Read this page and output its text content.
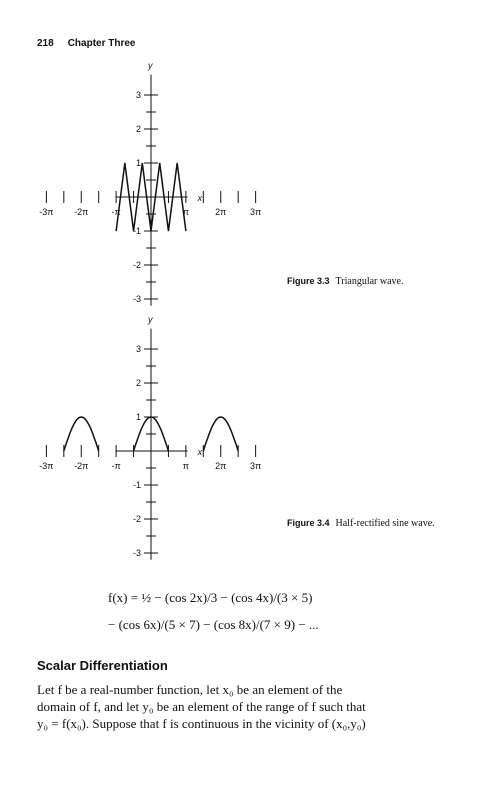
218 Chapter Three
x
y
-3π -2π	-π	π	2π	3π
3
2
1
-1
-2
-3
Figure 3.3 Triangular wave.
x
y
-3π -2π	-π	π	2π	3π
3
2
1
-1
-2
-3
Figure 3.4 Half-rectified sine wave.
f(x) = ½ − (cos 2x)/3 − (cos 4x)/(3 × 5)
− (cos 6x)/(5 × 7) − (cos 8x)/(7 × 9) − ...
Scalar Differentiation
Let f be a real-number function, let x₀ be an element of the
domain of f, and let y₀ be an element of the range of f such that
y₀ = f(x₀). Suppose that f is continuous in the vicinity of (x₀,y₀)
